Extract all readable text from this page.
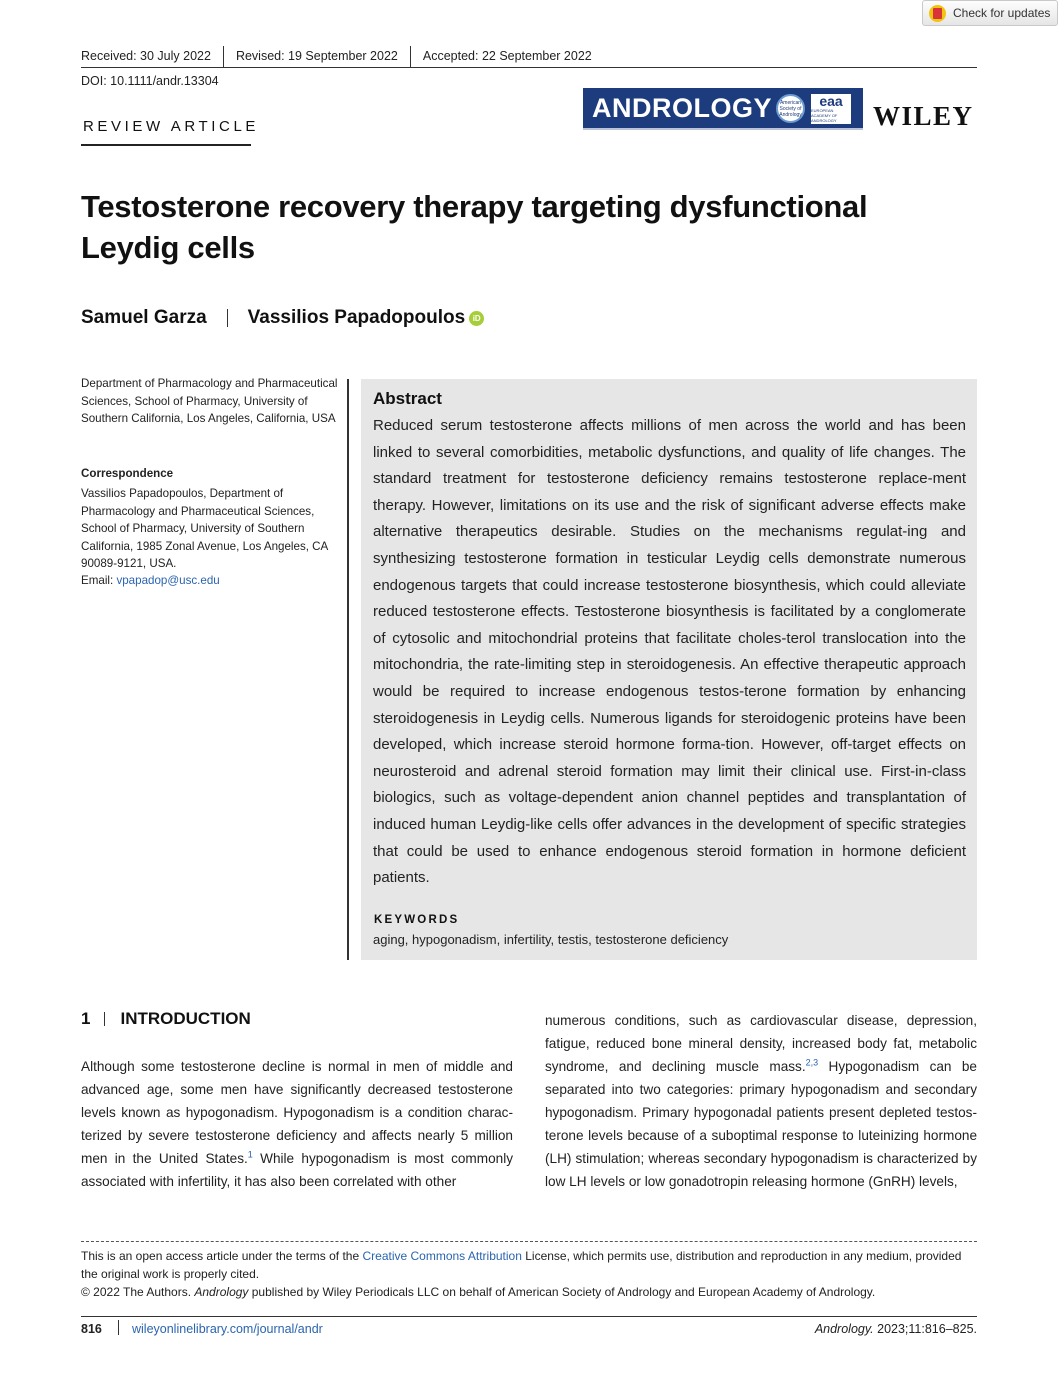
Check for updates
Received: 30 July 2022	Revised: 19 September 2022	Accepted: 22 September 2022
DOI: 10.1111/andr.13304
REVIEW ARTICLE
ANDROLOGY	American Society of Andrology
eaa
EUROPEAN ACADEMY OF ANDROLOGY	WILEY
Testosterone recovery therapy targeting dysfunctional Leydig cells
Samuel Garza Vassilios Papadopoulos iD
Department of Pharmacology and Pharmaceutical Sciences, School of Pharmacy, University of Southern California, Los Angeles, California, USA
Correspondence
Vassilios Papadopoulos, Department of Pharmacology and Pharmaceutical Sciences, School of Pharmacy, University of Southern California, 1985 Zonal Avenue, Los Angeles, CA 90089-9121, USA.
Email: vpapadop@usc.edu
Abstract

Reduced serum testosterone affects millions of men across the world and has been linked to several comorbidities, metabolic dysfunctions, and quality of life changes. The standard treatment for testosterone deficiency remains testosterone replace-ment therapy. However, limitations on its use and the risk of significant adverse effects make alternative therapeutics desirable. Studies on the mechanisms regulat-ing and synthesizing testosterone formation in testicular Leydig cells demonstrate numerous endogenous targets that could increase testosterone biosynthesis, which could alleviate reduced testosterone effects. Testosterone biosynthesis is facilitated by a conglomerate of cytosolic and mitochondrial proteins that facilitate choles-terol translocation into the mitochondria, the rate-limiting step in steroidogenesis. An effective therapeutic approach would be required to increase endogenous testos-terone formation by enhancing steroidogenesis in Leydig cells. Numerous ligands for steroidogenic proteins have been developed, which increase steroid hormone forma-tion. However, off-target effects on neurosteroid and adrenal steroid formation may limit their clinical use. First-in-class biologics, such as voltage-dependent anion channel peptides and transplantation of induced human Leydig-like cells offer advances in the development of specific strategies that could be used to enhance endogenous steroid formation in hormone deficient patients.

KEYWORDS
aging, hypogonadism, infertility, testis, testosterone deficiency
1 INTRODUCTION

Although some testosterone decline is normal in men of middle and advanced age, some men have significantly decreased testosterone levels known as hypogonadism. Hypogonadism is a condition charac-terized by severe testosterone deficiency and affects nearly 5 million men in the United States.$^1$ While hypogonadism is most commonly associated with infertility, it has also been correlated with other

numerous conditions, such as cardiovascular disease, depression, fatigue, reduced bone mineral density, increased body fat, metabolic syndrome, and declining muscle mass.$^{2,3}$ Hypogonadism can be separated into two categories: primary hypogonadism and secondary hypogonadism. Primary hypogonadal patients present depleted testos-terone levels because of a suboptimal response to luteinizing hormone (LH) stimulation; whereas secondary hypogonadism is characterized by low LH levels or low gonadotropin releasing hormone (GnRH) levels,

This is an open access article under the terms of the Creative Commons Attribution License, which permits use, distribution and reproduction in any medium, provided the original work is properly cited.

© 2022 The Authors. Andrology published by Wiley Periodicals LLC on behalf of American Society of Andrology and European Academy of Andrology.

816 wileyonlinelibrary.com/journal/andr	Andrology. 2023;11:816–825.
